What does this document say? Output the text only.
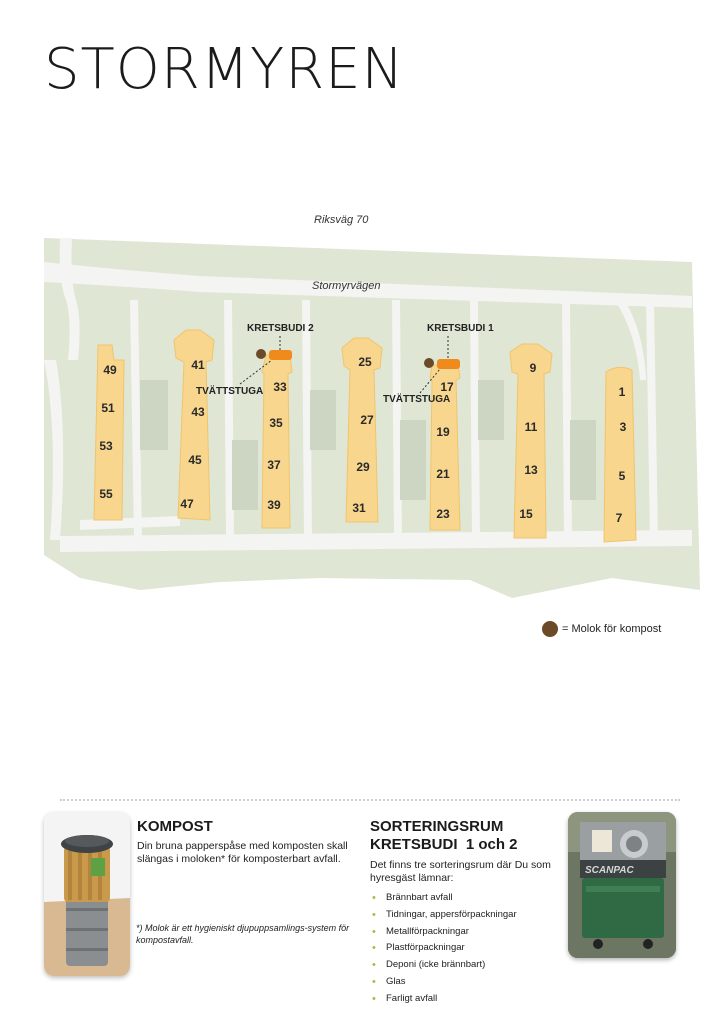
STORMYREN
Riksväg 70
Stormyrvägen
KRETSBUDI 2	KRETSBUDI 1
TVÄTTSTUGA
TVÄTTSTUGA
49
51
53
55
41
43
45
47
33
35
37
39
25
27
29
31
17
19
21
23
9
11
13
15
1
3
5
7
= Molok för kompost
KOMPOST
Din bruna papperspåse med komposten skall slängas i moloken* för komposterbart avfall.
*) Molok är ett hygieniskt djupuppsamlings-system för kompostavfall.
SORTERINGSRUM
KRETSBUDI  1 och 2
Det finns tre sorteringsrum där Du som hyresgäst lämnar:
• Brännbart avfall
• Tidningar, appersförpackningar
• Metallförpackningar
• Plastförpackningar
• Deponi (icke brännbart)
• Glas
• Farligt avfall
SCANPAC
